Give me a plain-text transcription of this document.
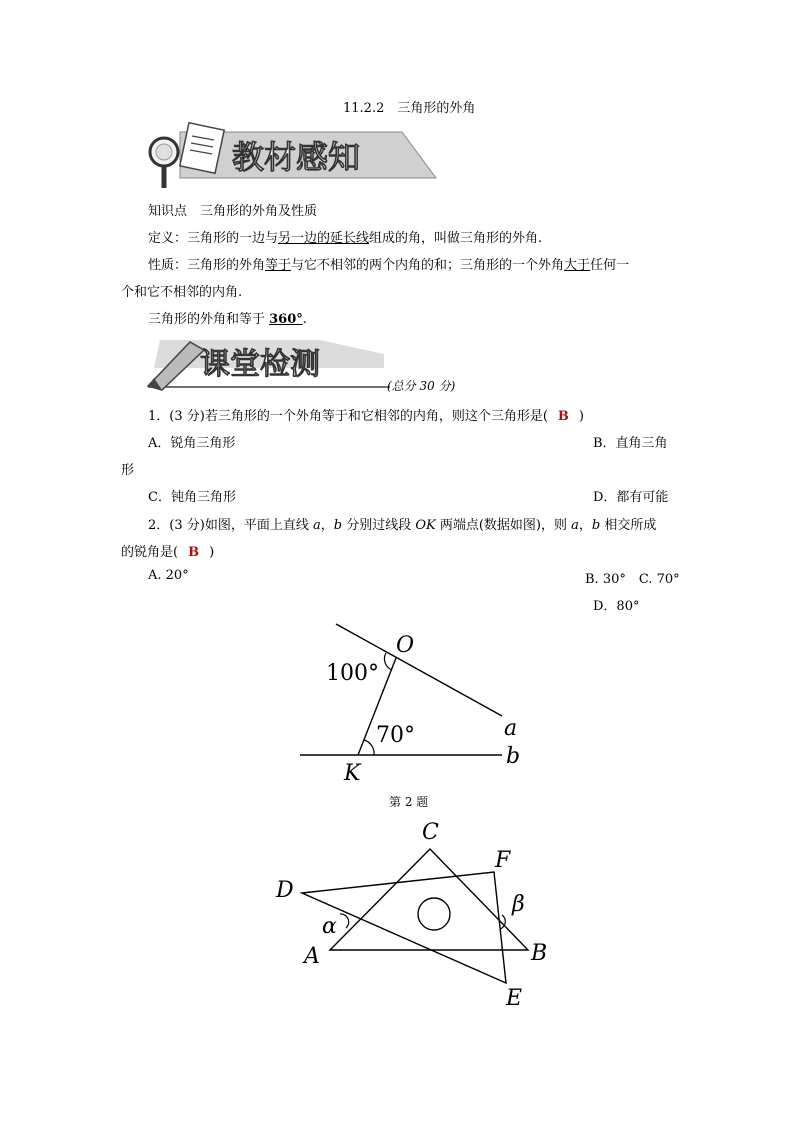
11.2.2　三角形的外角
教材感知
知识点　三角形的外角及性质
定义：三角形的一边与另一边的延长线组成的角，叫做三角形的外角.
性质：三角形的外角等于与它不相邻的两个内角的和；三角形的一个外角大于任何一
个和它不相邻的内角.
三角形的外角和等于 360°.
课堂检测
(总分 30 分)
1．(3 分)若三角形的一个外角等于和它相邻的内角，则这个三角形是( B )
A．锐角三角形	B．直角三角
形
C．钝角三角形	D．都有可能
2．(3 分)如图，平面上直线 a，b 分别过线段 OK 两端点(数据如图)，则 a，b 相交所成
的锐角是( B )
A. 20°	B. 30°　C. 70°
D．80°
O
100°
70°	a
b
K
第 2 题
C
F
D
α
β
A	B
E
